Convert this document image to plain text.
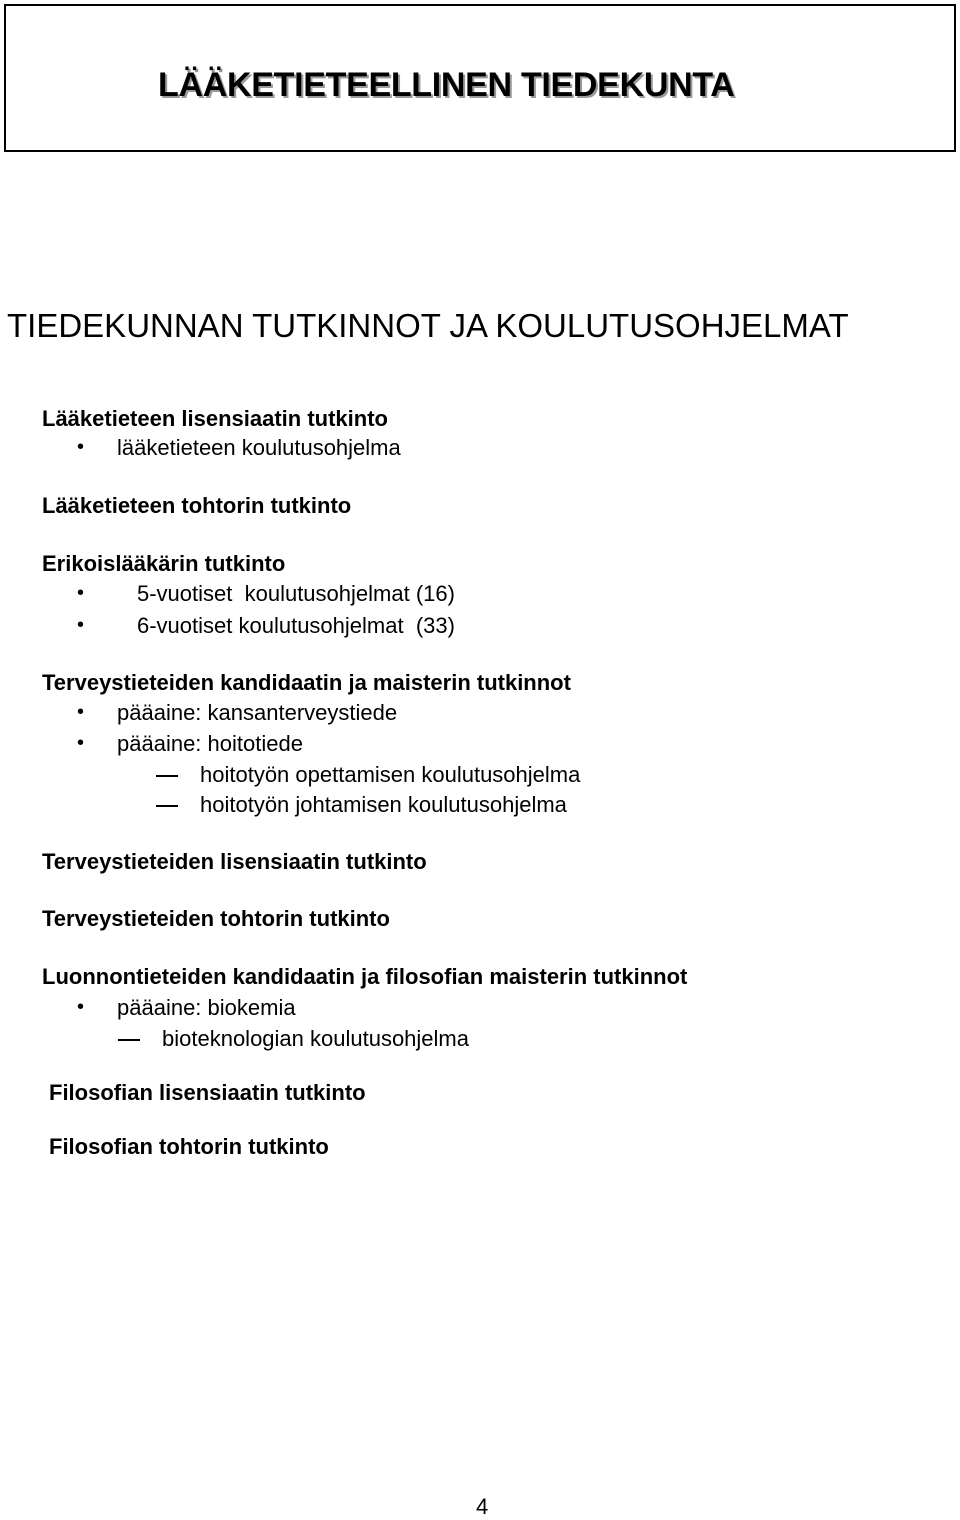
LÄÄKETIETEELLINEN TIEDEKUNTA
TIEDEKUNNAN TUTKINNOT JA KOULUTUSOHJELMAT
Lääketieteen lisensiaatin tutkinto
• lääketieteen koulutusohjelma
Lääketieteen tohtorin tutkinto
Erikoislääkärin tutkinto
• 5-vuotiset  koulutusohjelmat (16)
• 6-vuotiset koulutusohjelmat  (33)
Terveystieteiden kandidaatin ja maisterin tutkinnot
• pääaine: kansanterveystiede
• pääaine: hoitotiede
hoitotyön opettamisen koulutusohjelma
hoitotyön johtamisen koulutusohjelma
Terveystieteiden lisensiaatin tutkinto
Terveystieteiden tohtorin tutkinto
Luonnontieteiden kandidaatin ja filosofian maisterin tutkinnot
• pääaine: biokemia
bioteknologian koulutusohjelma
Filosofian lisensiaatin tutkinto
Filosofian tohtorin tutkinto
4
